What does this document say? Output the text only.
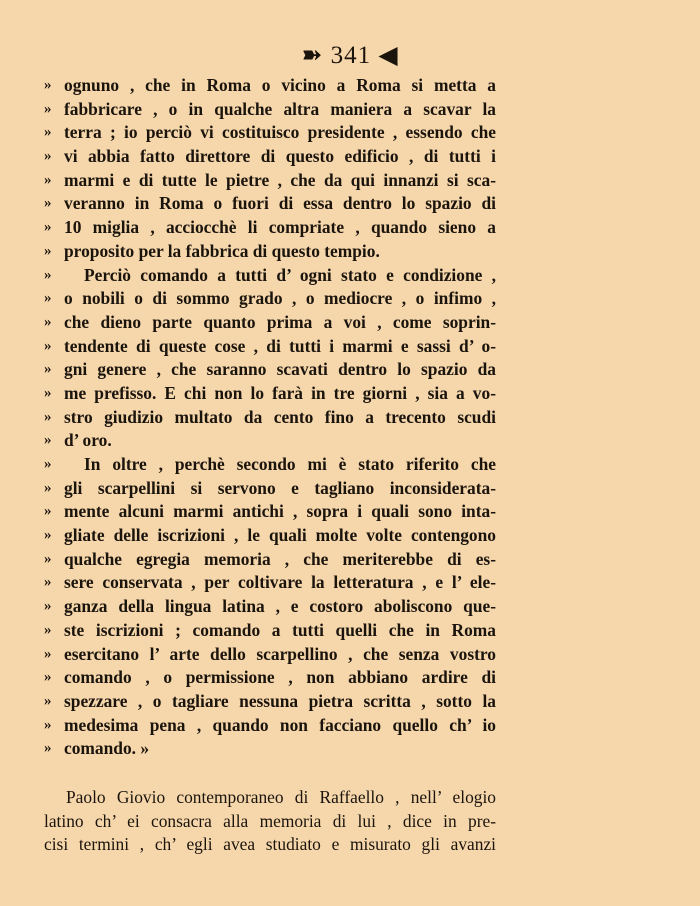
➽ 341 ◀
» ognuno , che in Roma o vicino a Roma si metta a
» fabbricare , o in qualche altra maniera a scavar la
» terra ; io perciò vi costituisco presidente , essendo che
» vi abbia fatto direttore di questo edificio , di tutti i
» marmi e di tutte le pietre , che da qui innanzi si sca-
» veranno in Roma o fuori di essa dentro lo spazio di
» 10 miglia , acciocchè li compriate , quando sieno a
» proposito per la fabbrica di questo tempio.
»	Perciò comando a tutti d’ ogni stato e condizione ,
» o nobili o di sommo grado , o mediocre , o infimo ,
» che dieno parte quanto prima a voi , come soprin-
» tendente di queste cose , di tutti i marmi e sassi d’ o-
» gni genere , che saranno scavati dentro lo spazio da
» me prefisso. E chi non lo farà in tre giorni , sia a vo-
» stro giudizio multato da cento fino a trecento scudi
» d’ oro.
»	In oltre , perchè secondo mi è stato riferito che
» gli scarpellini si servono e tagliano inconsiderata-
» mente alcuni marmi antichi , sopra i quali sono inta-
» gliate delle iscrizioni , le quali molte volte contengono
» qualche egregia memoria , che meriterebbe di es-
» sere conservata , per coltivare la letteratura , e l’ ele-
» ganza della lingua latina , e costoro aboliscono que-
» ste iscrizioni ; comando a tutti quelli che in Roma
» esercitano l’ arte dello scarpellino , che senza vostro
» comando , o permissione , non abbiano ardire di
» spezzare , o tagliare nessuna pietra scritta , sotto la
» medesima pena , quando non facciano quello ch’ io
» comando. »
Paolo Giovio contemporaneo di Raffaello , nell’ elogio
latino ch’ ei consacra alla memoria di lui , dice in pre-
cisi termini , ch’ egli avea studiato e misurato gli avanzi
